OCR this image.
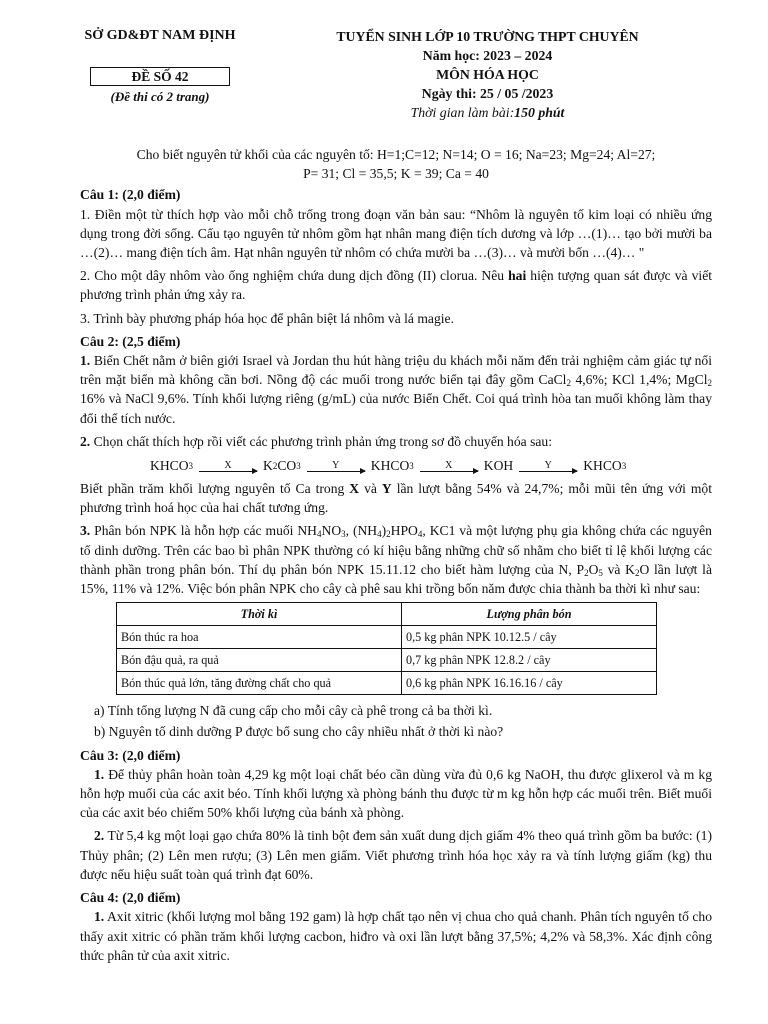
SỞ GD&ĐT NAM ĐỊNH
ĐỀ SỐ 42
(Đề thi có 2 trang)
TUYỂN SINH LỚP 10 TRƯỜNG THPT CHUYÊN
Năm học: 2023 – 2024
MÔN HÓA HỌC
Ngày thi: 25 / 05 /2023
Thời gian làm bài:150 phút
Cho biết nguyên tử khối của các nguyên tố: H=1;C=12; N=14; O = 16; Na=23; Mg=24; Al=27;
P= 31; Cl = 35,5; K = 39; Ca = 40
Câu 1: (2,0 điểm)

1. Điền một từ thích hợp vào mỗi chỗ trống trong đoạn văn bản sau: “Nhôm là nguyên tố kim loại có nhiều ứng dụng trong đời sống. Cấu tạo nguyên tử nhôm gồm hạt nhân mang điện tích dương và lớp …(1)… tạo bởi mười ba …(2)… mang điện tích âm. Hạt nhân nguyên tử nhôm có chứa mười ba …(3)… và mười bốn …(4)… "

2. Cho một dây nhôm vào ống nghiệm chứa dung dịch đồng (II) clorua. Nêu hai hiện tượng quan sát được và viết phương trình phản ứng xảy ra.

3. Trình bày phương pháp hóa học để phân biệt lá nhôm và lá magie.

Câu 2: (2,5 điểm)

1. Biển Chết nằm ở biên giới Israel và Jordan thu hút hàng triệu du khách mỗi năm đến trải nghiệm cảm giác tự nổi trên mặt biển mà không cần bơi. Nồng độ các muối trong nước biển tại đây gồm CaCl$_2$ 4,6%; KCl 1,4%; MgCl$_2$ 16% và NaCl 9,6%. Tính khối lượng riêng (g/mL) của nước Biển Chết. Coi quá trình hòa tan muối không làm thay đổi thể tích nước.

2. Chọn chất thích hợp rồi viết các phương trình phản ứng trong sơ đồ chuyển hóa sau:

KHCO 3	X K 2 CO 3	Y KHCO 3	X KOH	Y KHCO 3

Biết phần trăm khối lượng nguyên tố Ca trong X và Y lần lượt bằng 54% và 24,7%; mỗi mũi tên ứng với một phương trình hoá học của hai chất tương ứng.

3. Phân bón NPK là hỗn hợp các muối $NH_4NO_3$, $(NH_4)_2HPO_4$, KC1 và một lượng phụ gia không chứa các nguyên tố dinh dưỡng. Trên các bao bì phân NPK thường có kí hiệu bằng những chữ số nhằm cho biết tỉ lệ khối lượng các thành phần trong phân bón. Thí dụ phân bón NPK 15.11.12 cho biết hàm lượng của N, $P_2O_5$ và $K_2O$ lần lượt là 15%, 11% và 12%. Việc bón phân NPK cho cây cà phê sau khi trồng bốn năm được chia thành ba thời kì như sau:

Thời kì	Lượng phân bón
Bón thúc ra hoa	0,5 kg phân NPK 10.12.5 / cây
Bón đậu quả, ra quả	0,7 kg phân NPK 12.8.2 / cây
Bón thúc quả lớn, tăng đường chất cho quả	0,6 kg phân NPK 16.16.16 / cây
a) Tính tổng lượng N đã cung cấp cho mỗi cây cà phê trong cả ba thời kì.
b) Nguyên tố dinh dưỡng P được bổ sung cho cây nhiều nhất ở thời kì nào?
Câu 3: (2,0 điểm)

1. Để thủy phân hoàn toàn 4,29 kg một loại chất béo cần dùng vừa đủ 0,6 kg NaOH, thu được glixerol và m kg hỗn hợp muối của các axit béo. Tính khối lượng xà phòng bánh thu được từ m kg hỗn hợp các muối trên. Biết muối của các axit béo chiếm 50% khối lượng của bánh xà phòng.

2. Từ 5,4 kg một loại gạo chứa 80% là tinh bột đem sản xuất dung dịch giấm 4% theo quá trình gồm ba bước: (1) Thủy phân; (2) Lên men rượu; (3) Lên men giấm. Viết phương trình hóa học xảy ra và tính lượng giấm (kg) thu được nếu hiệu suất toàn quá trình đạt 60%.

Câu 4: (2,0 điểm)

1. Axit xitric (khối lượng mol bằng 192 gam) là hợp chất tạo nên vị chua cho quả chanh. Phân tích nguyên tố cho thấy axit xitric có phần trăm khối lượng cacbon, hiđro và oxi lần lượt bằng 37,5%; 4,2% và 58,3%. Xác định công thức phân tử của axit xitric.
